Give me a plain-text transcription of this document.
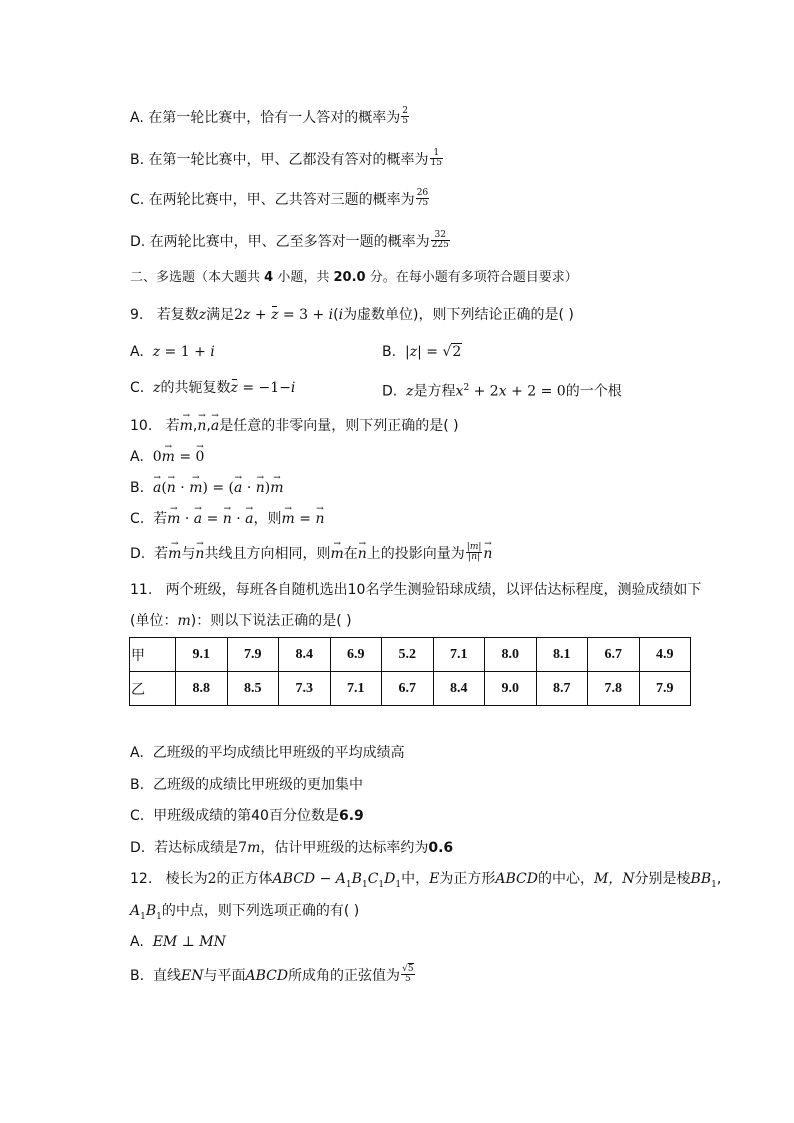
A. 在第一轮比赛中，恰有一人答对的概率为 $\frac{2}{5}$
B. 在第一轮比赛中，甲、乙都没有答对的概率为 $\frac{1}{15}$
C. 在两轮比赛中，甲、乙共答对三题的概率为 $\frac{26}{75}$
D. 在两轮比赛中，甲、乙至多答对一题的概率为 $\frac{32}{225}$
二、多选题（本大题共 4 小题，共 20.0 分。在每小题有多项符合题目要求）
9. 若复数z满足2z + z = 3 + i(i为虚数单位)，则下列结论正确的是( )
A. z = 1 + i	B. |z| = √2
C. z的共轭复数z = −1−i	D. z是方程$x^2 + 2x + 2 = 0$的一个根
10. 若→ m,→ n,→ a是任意的非零向量，则下列正确的是( )
A. 0→ m = → 0
B. → a(→ n · → m) = (→ a · → n)→ m
C. 若→ m · → a = → n · → a，则→ m = → n
D. 若→ m与→ n共线且方向相同，则→ m在→ n上的投影向量为 $\frac{|m|}{|n|} \to n$
11. 两个班级，每班各自随机选出10名学生测验铅球成绩，以评估达标程度，测验成绩如下
(单位：m)：则以下说法正确的是( )
甲	9.1	7.9	8.4	6.9	5.2	7.1	8.0	8.1	6.7	4.9
乙	8.8	8.5	7.3	7.1	6.7	8.4	9.0	8.7	7.8	7.9
A. 乙班级的平均成绩比甲班级的平均成绩高
B. 乙班级的成绩比甲班级的更加集中
C. 甲班级成绩的第40百分位数是6.9
D. 若达标成绩是7m，估计甲班级的达标率约为0.6
12. 棱长为2的正方体ABCD − $A_1B_1C_1D_1$中，E为正方形ABCD的中心，M，N分别是棱$BB_1$,
$A_1B_1$的中点，则下列选项正确的有( )
A. EM ⊥ MN
B. 直线EN与平面ABCD所成角的正弦值为 $\frac{√5}{5}$
